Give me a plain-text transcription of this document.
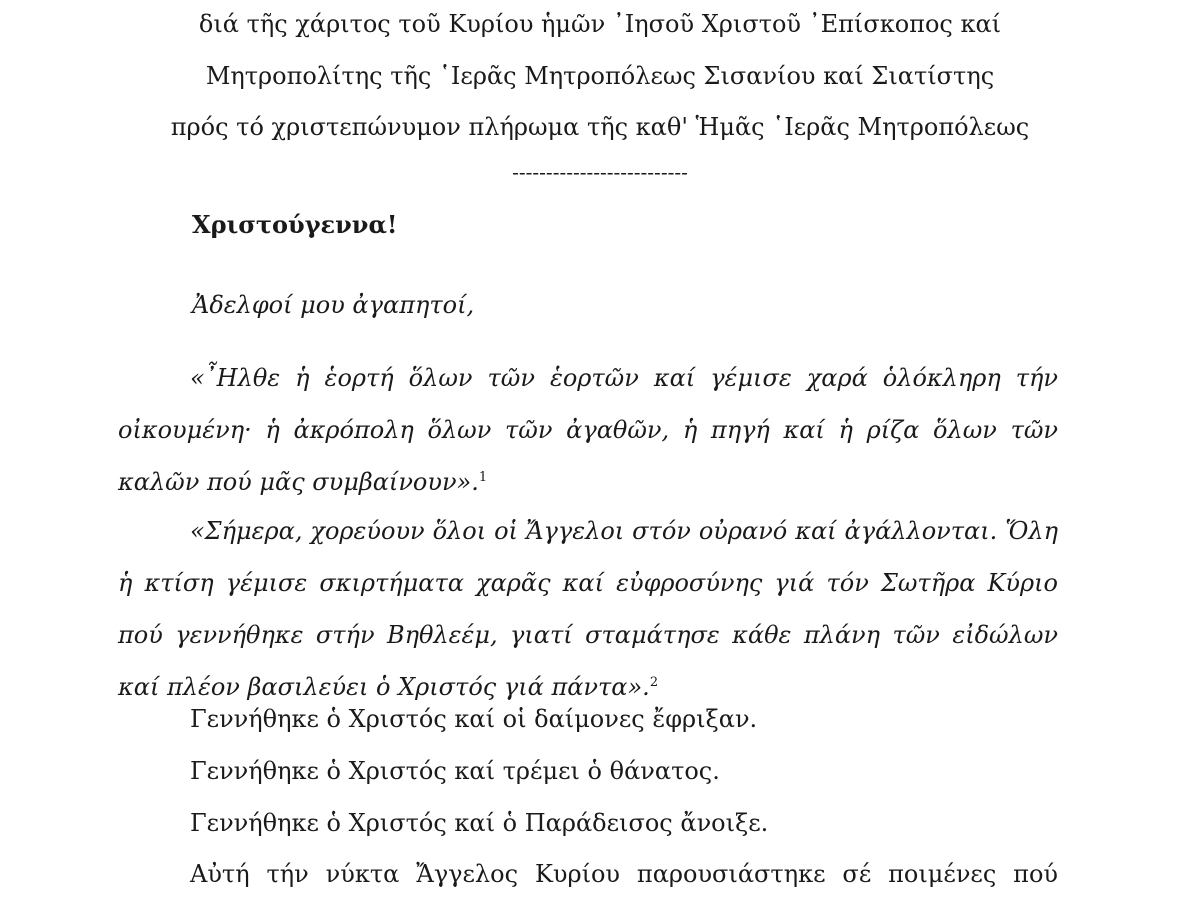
διά τῆς χάριτος τοῦ Κυρίου ἡμῶν ᾿Ιησοῦ Χριστοῦ ᾿Επίσκοπος καί
Μητροπολίτης τῆς ῾Ιερᾶς Μητροπόλεως Σισανίου καί Σιατίστης
πρός τό χριστεπώνυμον πλήρωμα τῆς καθ' Ἡμᾶς ῾Ιερᾶς Μητροπόλεως
--------------------------
Χριστούγεννα!
Ἀδελφοί μου ἀγαπητοί,
«῏Ηλθε ἡ ἑορτή ὅλων τῶν ἑορτῶν καί γέμισε χαρά ὁλόκληρη τήν οἰκουμένη· ἡ ἀκρόπολη ὅλων τῶν ἀγαθῶν, ἡ πηγή καί ἡ ρίζα ὅλων τῶν καλῶν πού μᾶς συμβαίνουν».$^1$
«Σήμερα, χορεύουν ὅλοι οἱ Ἄγγελοι στόν οὐρανό καί ἀγάλλονται. Ὅλη ἡ κτίση γέμισε σκιρτήματα χαρᾶς καί εὐφροσύνης γιά τόν Σωτῆρα Κύριο πού γεννήθηκε στήν Βηθλεέμ, γιατί σταμάτησε κάθε πλάνη τῶν εἰδώλων καί πλέον βασιλεύει ὁ Χριστός γιά πάντα».$^2$
Γεννήθηκε ὁ Χριστός καί οἱ δαίμονες ἔφριξαν.
Γεννήθηκε ὁ Χριστός καί τρέμει ὁ θάνατος.
Γεννήθηκε ὁ Χριστός καί ὁ Παράδεισος ἄνοιξε.
Αὐτή τήν νύκτα Ἄγγελος Κυρίου παρουσιάστηκε σέ ποιμένες πού
